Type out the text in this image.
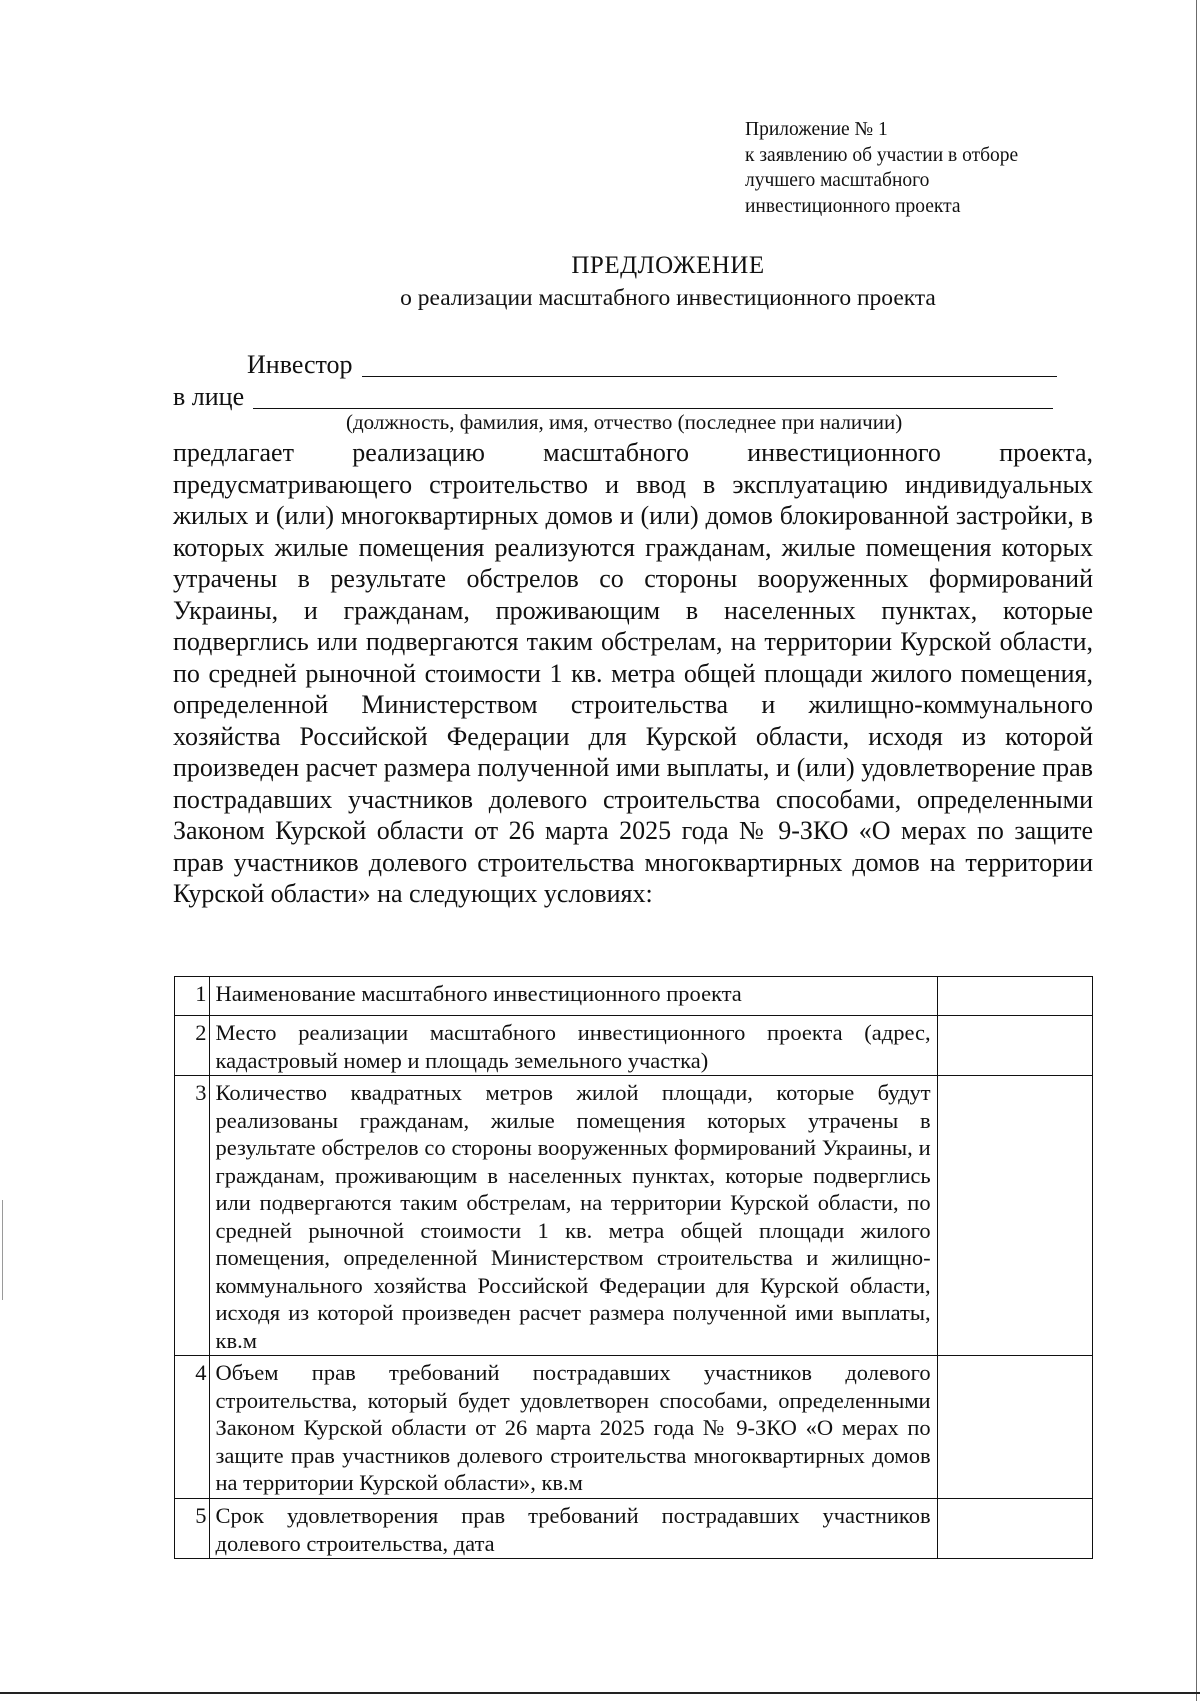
Приложение № 1
к заявлению об участии в отборе
лучшего масштабного
инвестиционного проекта
ПРЕДЛОЖЕНИЕ
о реализации масштабного инвестиционного проекта
Инвестор
в лице
(должность, фамилия, имя, отчество (последнее при наличии)
предлагает реализацию масштабного инвестиционного проекта, предусматривающего строительство и ввод в эксплуатацию индивидуальных жилых и (или) многоквартирных домов и (или) домов блокированной застройки, в которых жилые помещения реализуются гражданам, жилые помещения которых утрачены в результате обстрелов со стороны вооруженных формирований Украины, и гражданам, проживающим в населенных пунктах, которые подверглись или подвергаются таким обстрелам, на территории Курской области, по средней рыночной стоимости 1 кв. метра общей площади жилого помещения, определенной Министерством строительства и жилищно-коммунального хозяйства Российской Федерации для Курской области, исходя из которой произведен расчет размера полученной ими выплаты, и (или) удовлетворение прав пострадавших участников долевого строительства способами, определенными Законом Курской области от 26 марта 2025 года № 9-ЗКО «О мерах по защите прав участников долевого строительства многоквартирных домов на территории Курской области» на следующих условиях:
1	Наименование масштабного инвестиционного проекта	
2	Место реализации масштабного инвестиционного проекта (адрес, кадастровый номер и площадь земельного участка)	
3	Количество квадратных метров жилой площади, которые будут реализованы гражданам, жилые помещения которых утрачены в результате обстрелов со стороны вооруженных формирований Украины, и гражданам, проживающим в населенных пунктах, которые подверглись или подвергаются таким обстрелам, на территории Курской области, по средней рыночной стоимости 1 кв. метра общей площади жилого помещения, определенной Министерством строительства и жилищно-коммунального хозяйства Российской Федерации для Курской области, исходя из которой произведен расчет размера полученной ими выплаты, кв.м	
4	Объем прав требований пострадавших участников долевого строительства, который будет удовлетворен способами, определенными Законом Курской области от 26 марта 2025 года № 9-ЗКО «О мерах по защите прав участников долевого строительства многоквартирных домов на территории Курской области», кв.м	
5	Срок удовлетворения прав требований пострадавших участников долевого строительства, дата	
